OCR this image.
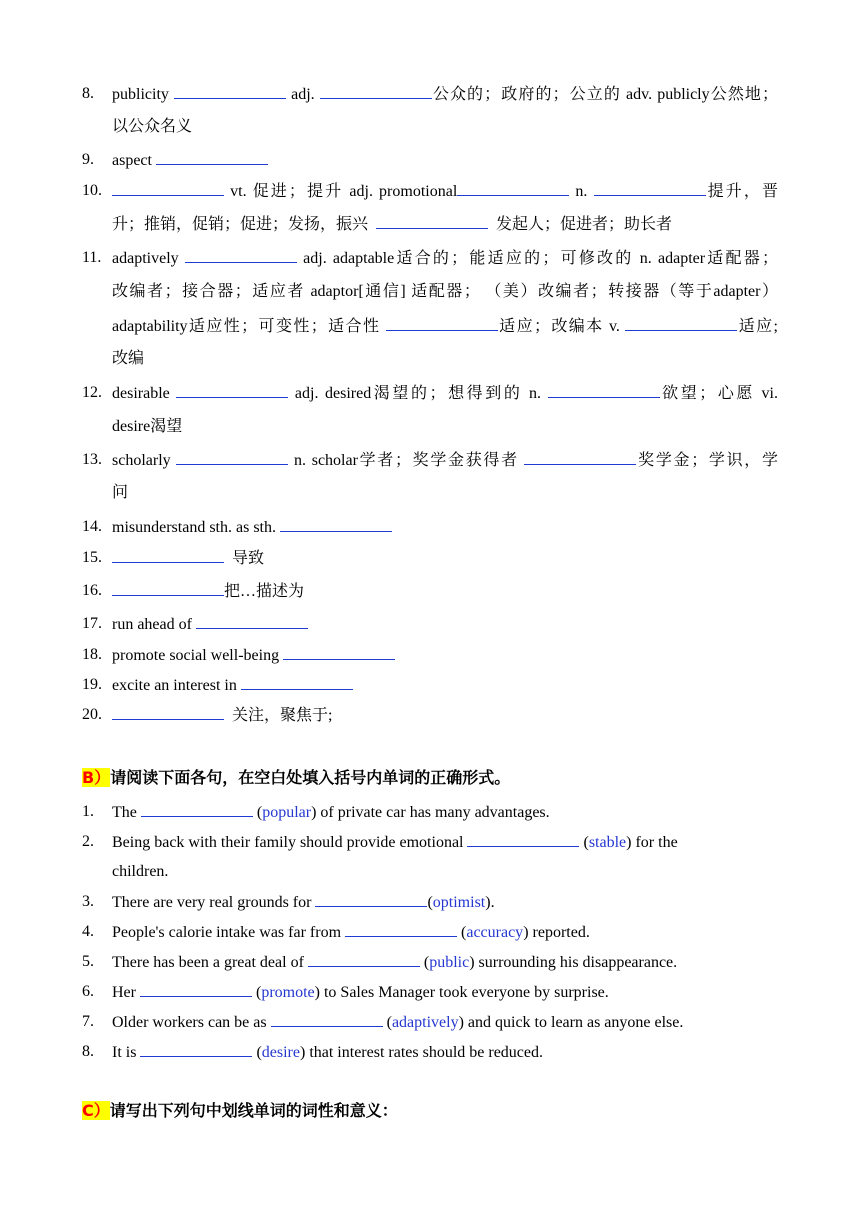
8.	publicity	adj.	公众的；政府的；公立的 adv. publicly公然地；
以公众名义
9.	aspect
10.	vt. 促进；提升 adj. promotional	n.	提升，晋
升；推销，促销；促进；发扬，振兴	发起人；促进者；助长者
11. adaptively	adj. adaptable适合的；能适应的；可修改的 n. adapter适配器；
改编者；接合器；适应者 adaptor[通信] 适配器； （美）改编者；转接器（等于adapter）
adaptability适应性；可变性；适合性	适应；改编本 v.	适应;
改编
12. desirable	adj. desired渴望的；想得到的 n.	欲望；心愿 vi.
desire渴望
13. scholarly	n. scholar学者；奖学金获得者	奖学金；学识，学
问
14. misunderstand sth. as sth.
15.	导致
16.	把…描述为
17. run ahead of
18. promote social well-being
19. excite an interest in
20.	关注，聚焦于;
B）请阅读下面各句，在空白处填入括号内单词的正确形式。
1.	The	(popular) of private car has many advantages.
2.	Being back with their family should provide emotional	(stable) for the
children.
3.	There are very real grounds for	(optimist).
4.	People's calorie intake was far from	(accuracy) reported.
5.	There has been a great deal of	(public) surrounding his disappearance.
6.	Her	(promote) to Sales Manager took everyone by surprise.
7.	Older workers can be as	(adaptively) and quick to learn as anyone else.
8.	It is	(desire) that interest rates should be reduced.
C）请写出下列句中划线单词的词性和意义：
